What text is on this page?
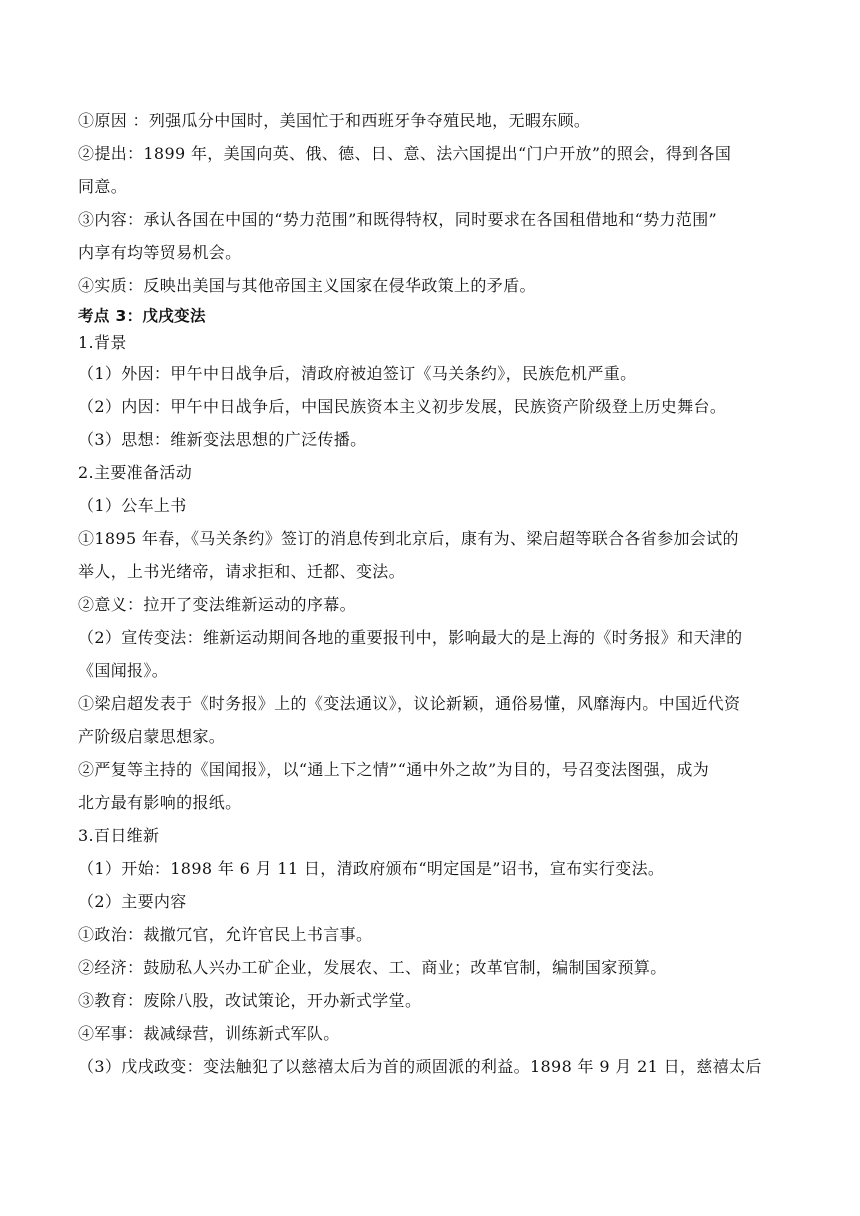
①原因 ：列强瓜分中国时，美国忙于和西班牙争夺殖民地，无暇东顾。
②提出：1899 年，美国向英、俄、德、日、意、法六国提出“门户开放”的照会，得到各国
同意。
③内容：承认各国在中国的“势力范围”和既得特权，同时要求在各国租借地和“势力范围”
内享有均等贸易机会。
④实质：反映出美国与其他帝国主义国家在侵华政策上的矛盾。
考点 3：戊戌变法
1.背景
（1）外因：甲午中日战争后，清政府被迫签订《马关条约》，民族危机严重。
（2）内因：甲午中日战争后，中国民族资本主义初步发展，民族资产阶级登上历史舞台。
（3）思想：维新变法思想的广泛传播。
2.主要准备活动
（1）公车上书
①1895 年春，《马关条约》签订的消息传到北京后，康有为、梁启超等联合各省参加会试的
举人，上书光绪帝，请求拒和、迁都、变法。
②意义：拉开了变法维新运动的序幕。
（2）宣传变法：维新运动期间各地的重要报刊中，影响最大的是上海的《时务报》和天津的
《国闻报》。
①梁启超发表于《时务报》上的《变法通议》，议论新颖，通俗易懂，风靡海内。中国近代资
产阶级启蒙思想家。
②严复等主持的《国闻报》，以“通上下之情”“通中外之故”为目的，号召变法图强，成为
北方最有影响的报纸。
3.百日维新
（1）开始：1898 年 6 月 11 日，清政府颁布“明定国是”诏书，宣布实行变法。
（2）主要内容
①政治：裁撤冗官，允许官民上书言事。
②经济：鼓励私人兴办工矿企业，发展农、工、商业；改革官制，编制国家预算。
③教育：废除八股，改试策论，开办新式学堂。
④军事：裁减绿营，训练新式军队。
（3）戊戌政变：变法触犯了以慈禧太后为首的顽固派的利益。1898 年 9 月 21 日，慈禧太后
